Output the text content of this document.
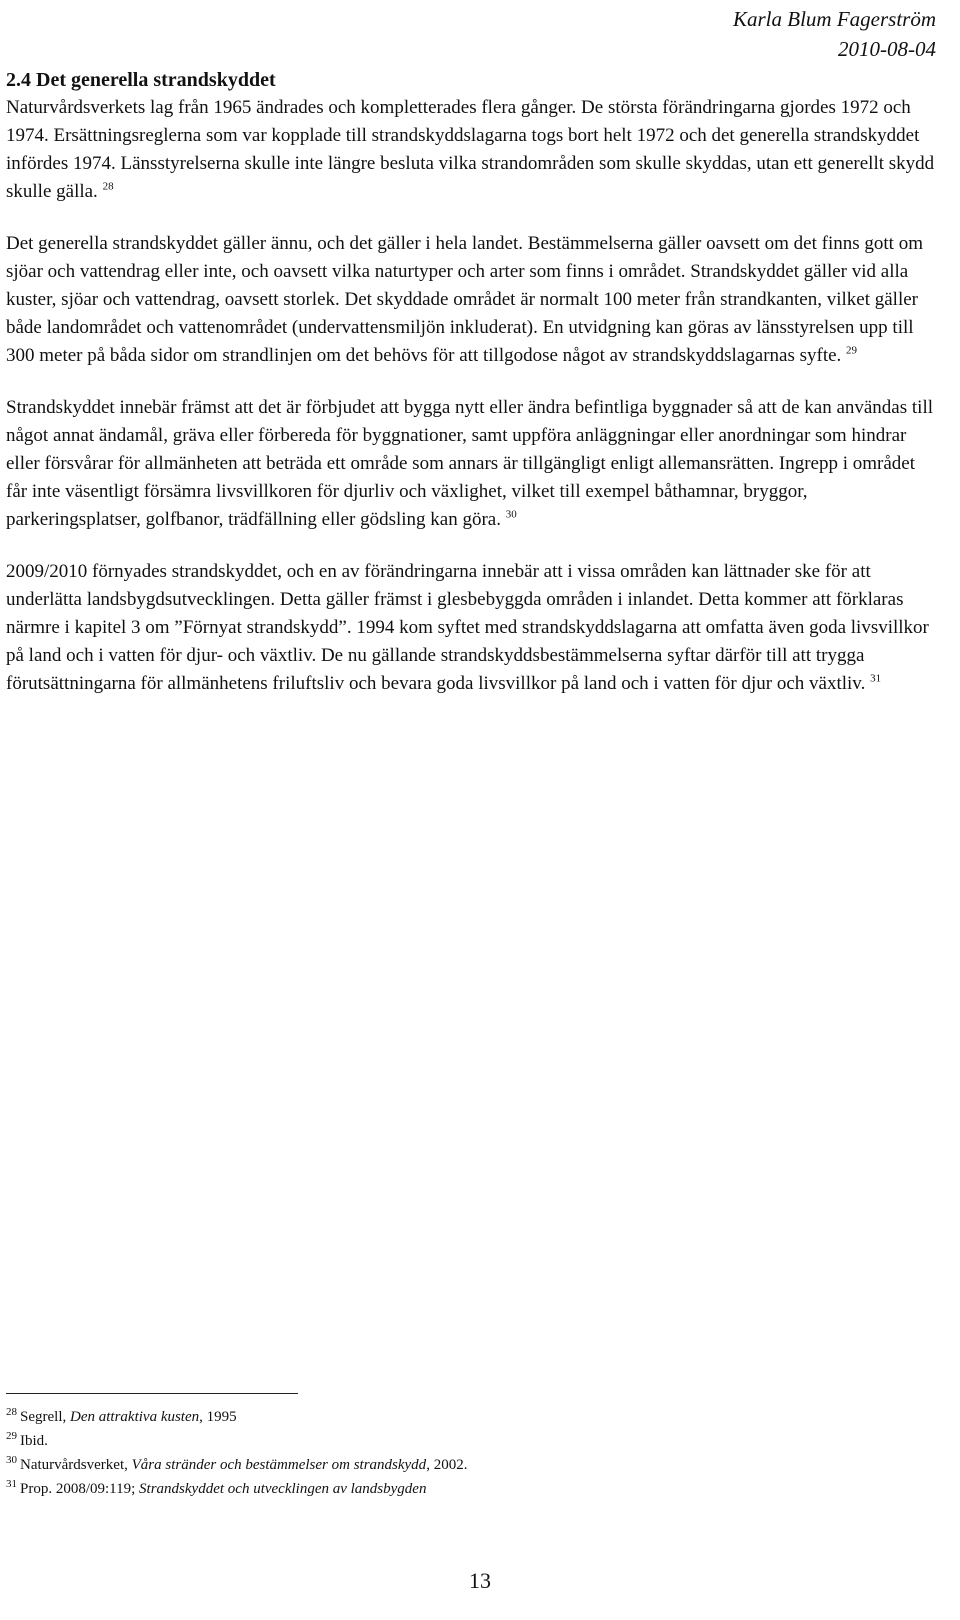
Karla Blum Fagerström
2010-08-04
2.4 Det generella strandskyddet

Naturvårdsverkets lag från 1965 ändrades och kompletterades flera gånger. De största förändringarna gjordes 1972 och 1974. Ersättningsreglerna som var kopplade till strandskyddslagarna togs bort helt 1972 och det generella strandskyddet infördes 1974. Länsstyrelserna skulle inte längre besluta vilka strandområden som skulle skyddas, utan ett generellt skydd skulle gälla. $^{28}$

Det generella strandskyddet gäller ännu, och det gäller i hela landet. Bestämmelserna gäller oavsett om det finns gott om sjöar och vattendrag eller inte, och oavsett vilka naturtyper och arter som finns i området. Strandskyddet gäller vid alla kuster, sjöar och vattendrag, oavsett storlek. Det skyddade området är normalt 100 meter från strandkanten, vilket gäller både landområdet och vattenområdet (undervattensmiljön inkluderat). En utvidgning kan göras av länsstyrelsen upp till 300 meter på båda sidor om strandlinjen om det behövs för att tillgodose något av strandskyddslagarnas syfte. $^{29}$

Strandskyddet innebär främst att det är förbjudet att bygga nytt eller ändra befintliga byggnader så att de kan användas till något annat ändamål, gräva eller förbereda för byggnationer, samt uppföra anläggningar eller anordningar som hindrar eller försvårar för allmänheten att beträda ett område som annars är tillgängligt enligt allemansrätten. Ingrepp i området får inte väsentligt försämra livsvillkoren för djurliv och växlighet, vilket till exempel båthamnar, bryggor, parkeringsplatser, golfbanor, trädfällning eller gödsling kan göra. $^{30}$

2009/2010 förnyades strandskyddet, och en av förändringarna innebär att i vissa områden kan lättnader ske för att underlätta landsbygdsutvecklingen. Detta gäller främst i glesbebyggda områden i inlandet. Detta kommer att förklaras närmre i kapitel 3 om ”Förnyat strandskydd”. 1994 kom syftet med strandskyddslagarna att omfatta även goda livsvillkor på land och i vatten för djur- och växtliv. De nu gällande strandskyddsbestämmelserna syftar därför till att trygga förutsättningarna för allmänhetens friluftsliv och bevara goda livsvillkor på land och i vatten för djur och växtliv. $^{31}$

$^{28}$ Segrell, Den attraktiva kusten, 1995

$^{29}$ Ibid.

$^{30}$ Naturvårdsverket, Våra stränder och bestämmelser om strandskydd, 2002.

$^{31}$ Prop. 2008/09:119; Strandskyddet och utvecklingen av landsbygden

13
